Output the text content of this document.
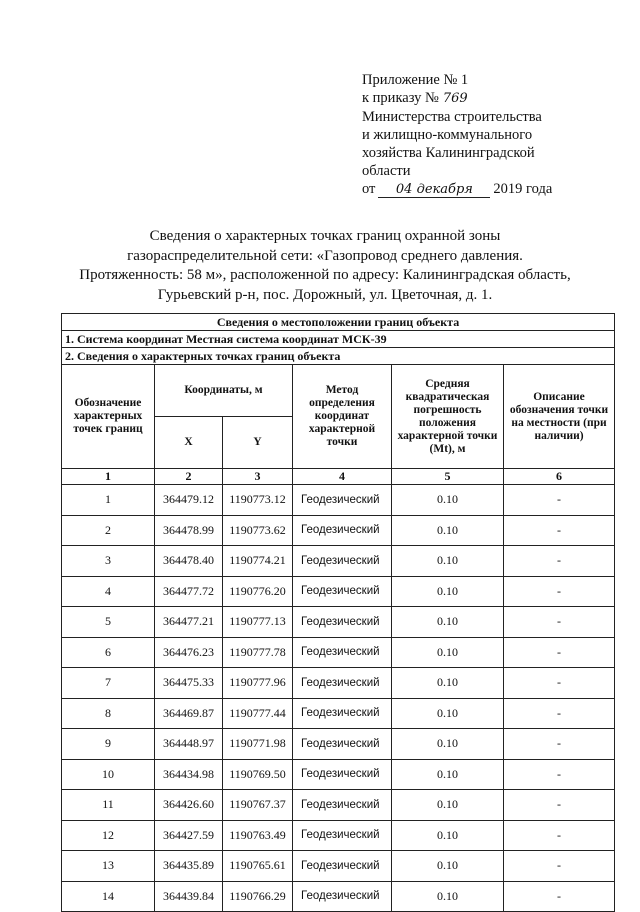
Приложение № 1
к приказу № 769
Министерства строительства
и жилищно-коммунального
хозяйства Калининградской
области
от 04 декабря 2019 года
Сведения о характерных точках границ охранной зоны
газораспределительной сети: «Газопровод среднего давления.
Протяженность: 58 м», расположенной по адресу: Калининградская область,
Гурьевский р-н, пос. Дорожный, ул. Цветочная, д. 1.
Сведения о местоположении границ объекта					
1. Система координат Местная система координат МСК-39					
2. Сведения о характерных точках границ объекта					
Обозначение характерных точек границ	Координаты, м		Метод определения координат характерной точки	Средняя квадратическая погрешность положения характерной точки (Mt), м	Описание обозначения точки на местности (при наличии)
	X	Y			
1	2	3	4	5	6
1	364479.12	1190773.12	Геодезический	0.10	-
2	364478.99	1190773.62	Геодезический	0.10	-
3	364478.40	1190774.21	Геодезический	0.10	-
4	364477.72	1190776.20	Геодезический	0.10	-
5	364477.21	1190777.13	Геодезический	0.10	-
6	364476.23	1190777.78	Геодезический	0.10	-
7	364475.33	1190777.96	Геодезический	0.10	-
8	364469.87	1190777.44	Геодезический	0.10	-
9	364448.97	1190771.98	Геодезический	0.10	-
10	364434.98	1190769.50	Геодезический	0.10	-
11	364426.60	1190767.37	Геодезический	0.10	-
12	364427.59	1190763.49	Геодезический	0.10	-
13	364435.89	1190765.61	Геодезический	0.10	-
14	364439.84	1190766.29	Геодезический	0.10	-
